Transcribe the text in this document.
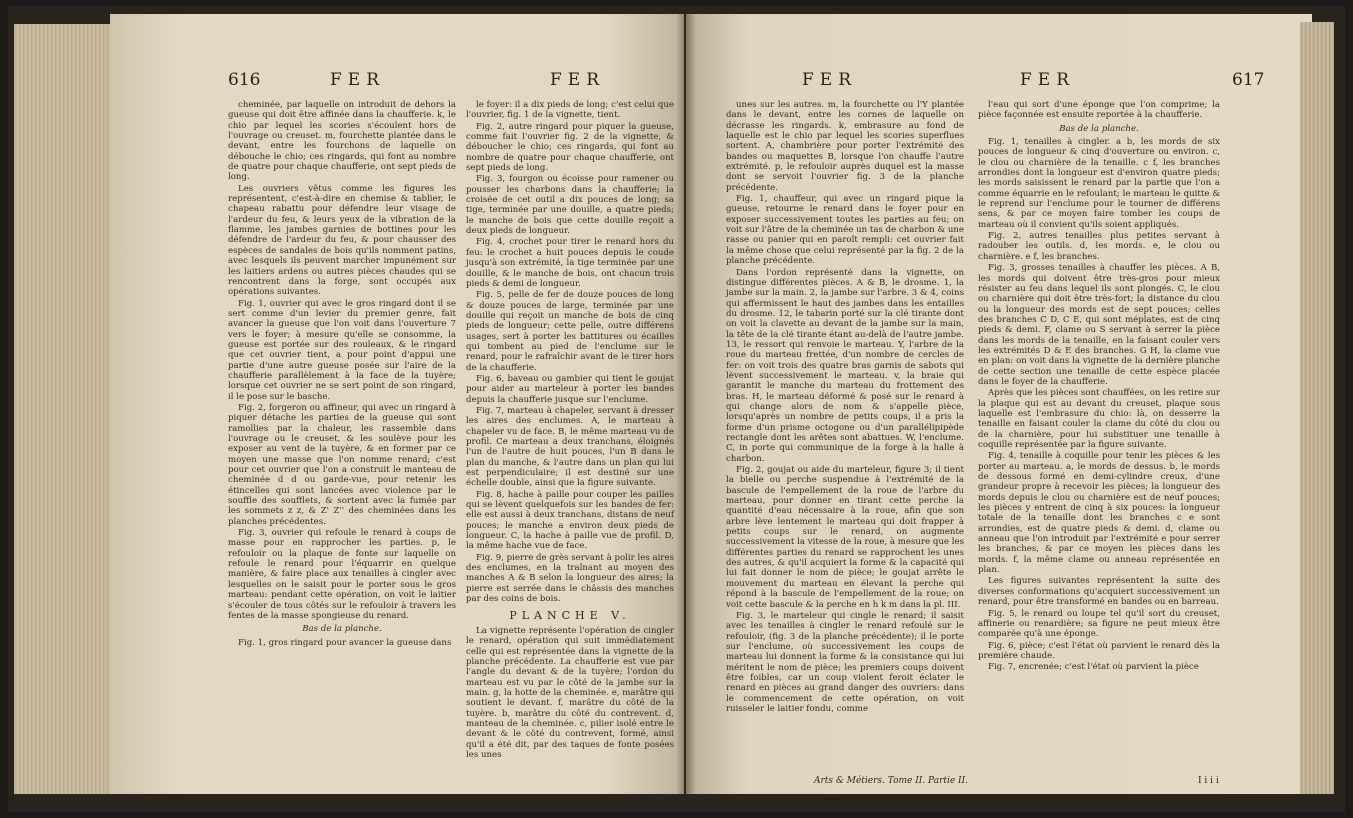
616	FER	FER

cheminée, par laquelle on introduit de dehors la gueuse qui doit être affinée dans la chaufferie. k, le chio par lequel les scories s'écoulent hors de l'ouvrage ou creuset. m, fourchette plantée dans le devant, entre les fourchons de laquelle on débouche le chio; ces ringards, qui font au nombre de quatre pour chaque chaufferie, ont sept pieds de long.

Les ouvriers vêtus comme les figures les représentent, c'est-à-dire en chemise & tablier, le chapeau rabattu pour défendre leur visage de l'ardeur du feu, & leurs yeux de la vibration de la flamme, les jambes garnies de bottines pour les défendre de l'ardeur du feu, & pour chausser des espèces de sandales de bois qu'ils nomment patins, avec lesquels ils peuvent marcher impunément sur les laitiers ardens ou autres pièces chaudes qui se rencontrent dans la forge, sont occupés aux opérations suivantes.

Fig. 1, ouvrier qui avec le gros ringard dont il se sert comme d'un levier du premier genre, fait avancer la gueuse que l'on voit dans l'ouverture 7 vers le foyer; à mesure qu'elle se consomme, la gueuse est portée sur des rouleaux, & le ringard que cet ouvrier tient, a pour point d'appui une partie d'une autre gueuse posée sur l'aire de la chaufferie parallèlement à la face de la tuyère; lorsque cet ouvrier ne se sert point de son ringard, il le pose sur le basche.

Fig. 2, forgeron ou affineur, qui avec un ringard à piquer détache les parties de la gueuse qui sont ramollies par la chaleur, les rassemble dans l'ouvrage ou le creuset, & les soulève pour les exposer au vent de la tuyère, & en former par ce moyen une masse que l'on nomme renard; c'est pour cet ouvrier que l'on a construit le manteau de cheminée d d ou garde-vue, pour retenir les étincelles qui sont lancées avec violence par le souffle des soufflets, & sortent avec la fumée par les sommets z z, & Z' Z'' des cheminées dans les planches précédentes.

Fig. 3, ouvrier qui refoule le renard à coups de masse pour en rapprocher les parties. p, le refouloir ou la plaque de fonte sur laquelle on refoule le renard pour l'équarrir en quelque manière, & faire place aux tenailles à cingler avec lesquelles on le saisit pour le porter sous le gros marteau: pendant cette opération, on voit le laitier s'écouler de tous côtés sur le refouloir à travers les fentes de la masse spongieuse du renard.

Bas de la planche.

Fig. 1, gros ringard pour avancer la gueuse dans

le foyer: il a dix pieds de long; c'est celui que l'ouvrier, fig. 1 de la vignette, tient.

Fig. 2, autre ringard pour piquer la gueuse, comme fait l'ouvrier fig. 2 de la vignette, & déboucher le chio; ces ringards, qui font au nombre de quatre pour chaque chaufferie, ont sept pieds de long.

Fig. 3, fourgon ou écoisse pour ramener ou pousser les charbons dans la chaufferie; la croisée de cet outil a dix pouces de long; sa tige, terminée par une douille, a quatre pieds; le manche de bois que cette douille reçoit a deux pieds de longueur.

Fig. 4, crochet pour tirer le renard hors du feu: le crochet a huit pouces depuis le coude jusqu'à son extrémité, la tige terminée par une douille, & le manche de bois, ont chacun trois pieds & demi de longueur.

Fig. 5, pelle de fer de douze pouces de long & douze pouces de large, terminée par une douille qui reçoit un manche de bois de cinq pieds de longueur; cette pelle, outre différens usages, sert à porter les battitures ou écailles qui tombent au pied de l'enclume sur le renard, pour le rafraîchir avant de le tirer hors de la chaufferie.

Fig. 6, baveau ou gambier qui tient le goujat pour aider au marteleur à porter les bandes depuis la chaufferie jusque sur l'enclume.

Fig. 7, marteau à chapeler, servant à dresser les aires des enclumes. A, le marteau à chapeler vu de face. B, le même marteau vu de profil. Ce marteau a deux tranchans, éloignés l'un de l'autre de huit pouces, l'un B dans le plan du manche, & l'autre dans un plan qui lui est perpendiculaire; il est destiné sur une échelle double, ainsi que la figure suivante.

Fig. 8, hache à paille pour couper les pailles qui se lèvent quelquefois sur les bandes de fer: elle est aussi à deux tranchans, distans de neuf pouces; le manche a environ deux pieds de longueur. C, la hache à paille vue de profil. D, la même hache vue de face.

Fig. 9, pierre de grès servant à polir les aires des enclumes, en la traînant au moyen des manches A & B selon la longueur des aires; la pierre est serrée dans le châssis des manches par des coins de bois.

PLANCHE V.

La vignette représente l'opération de cingler le renard, opération qui suit immédiatement celle qui est représentée dans la vignette de la planche précédente. La chaufferie est vue par l'angle du devant & de la tuyère; l'ordon du marteau est vu par le côté de la jambe sur la main. g, la hotte de la cheminée. e, marâtre qui soutient le devant. f, marâtre du côté de la tuyère. b, marâtre du côté du contrevent. d, manteau de la cheminée. c, pilier isolé entre le devant & le côté du contrevent, formé, ainsi qu'il a été dit, par des taques de fonte posées les unes

FER	FER	617

unes sur les autres. m, la fourchette ou l'Y plantée dans le devant, entre les cornes de laquelle on décrasse les ringards. k, embrasure au fond de laquelle est le chio par lequel les scories superflues sortent. A, chambrière pour porter l'extrémité des bandes ou maquettes B, lorsque l'on chauffe l'autre extrémité. p, le refouloir auprès duquel est la masse dont se servoit l'ouvrier fig. 3 de la planche précédente.

Fig. 1, chauffeur, qui avec un ringard pique la gueuse, retourne le renard dans le foyer pour en exposer successivement toutes les parties au feu; on voit sur l'âtre de la cheminée un tas de charbon & une rasse ou panier qui en paroît rempli: cet ouvrier fait la même chose que celui représenté par la fig. 2 de la planche précédente.

Dans l'ordon représenté dans la vignette, on distingue différentes pièces. A & B, le drosme. 1, la jambe sur la main. 2, la jambe sur l'arbre. 3 & 4, coins qui affermissent le haut des jambes dans les entailles du drosme. 12, le tabarin porté sur la clé tirante dont on voit la clavette au devant de la jambe sur la main, la tête de la clé tirante étant au-delà de l'autre jambe. 13, le ressort qui renvoie le marteau. Y, l'arbre de la roue du marteau frettée, d'un nombre de cercles de fer: on voit trois des quatre bras garnis de sabots qui lèvent successivement le marteau. v, la braie qui garantit le manche du marteau du frottement des bras. H, le marteau déformé & posé sur le renard à qui change alors de nom & s'appelle pièce, lorsqu'après un nombre de petits coups, il a pris la forme d'un prisme octogone ou d'un parallélipipède rectangle dont les arêtes sont abattues. W, l'enclume. C, in porte qui communique de la forge à la halle à charbon.

Fig. 2, goujat ou aide du marteleur, figure 3; il tient la bielle ou perche suspendue à l'extrémité de la bascule de l'empellement de la roue de l'arbre du marteau, pour donner en tirant cette perche la quantité d'eau nécessaire à la roue, afin que son arbre lève lentement le marteau qui doit frapper à petits coups sur le renard, on augmente successivement la vitesse de la roue, à mesure que les différentes parties du renard se rapprochent les unes des autres, & qu'il acquiert la forme & la capacité qui lui fait donner le nom de pièce; le goujat arrête le mouvement du marteau en élevant la perche qui répond à la bascule de l'empellement de la roue; on voit cette bascule & la perche en h k m dans la pl. III.

Fig. 3, le marteleur qui cingle le renard; il saisit avec les tenailles à cingler le renard refoulé sur le refouloir, (fig. 3 de la planche précédente); il le porte sur l'enclume, où successivement les coups de marteau lui donnent la forme & la consistance qui lui méritent le nom de pièce; les premiers coups doivent être foibles, car un coup violent feroit éclater le renard en pièces au grand danger des ouvriers: dans le commencement de cette opération, on voit ruisseler le laitier fondu, comme

Arts & Métiers. Tome II. Partie II.

l'eau qui sort d'une éponge que l'on comprime; la pièce façonnée est ensuite reportée à la chaufferie.

Bas de la planche.

Fig. 1, tenailles à cingler. a b, les mords de six pouces de longueur & cinq d'ouverture ou environ. c, le clou ou charnière de la tenaille. c f, les branches arrondies dont la longueur est d'environ quatre pieds; les mords saisissent le renard par la partie que l'on a comme équarrie en le refoulant; le marteau le quitte & le reprend sur l'enclume pour le tourner de différens sens, & par ce moyen faire tomber les coups de marteau où il convient qu'ils soient appliqués.

Fig. 2, autres tenailles plus petites servant à radouber les outils. d, les mords. e, le clou ou charnière. e f, les branches.

Fig. 3, grosses tenailles à chauffer les pièces. A B, les mords qui doivent être très-gros pour mieux résister au feu dans lequel ils sont plongés. C, le clou ou charnière qui doit être très-fort; la distance du clou ou la longueur des mords est de sept pouces; celles des branches C D, C E, qui sont méplates, est de cinq pieds & demi. F, clame ou S servant à serrer la pièce dans les mords de la tenaille, en la faisant couler vers les extrémités D & E des branches. G H, la clame vue en plan: on voit dans la vignette de la dernière planche de cette section une tenaille de cette espèce placée dans le foyer de la chaufferie.

Après que les pièces sont chauffées, on les retire sur la plaque qui est au devant du creuset, plaque sous laquelle est l'embrasure du chio: là, on desserre la tenaille en faisant couler la clame du côté du clou ou de la charnière, pour lui substituer une tenaille à coquille représentée par la figure suivante.

Fig. 4, tenaille à coquille pour tenir les pièces & les porter au marteau. a, le mords de dessus. b, le mords de dessous formé en demi-cylindre creux, d'une grandeur propre à recevoir les pièces; la longueur des mords depuis le clou ou charnière est de neuf pouces; les pièces y entrent de cinq à six pouces: la longueur totale de la tenaille dont les branches c e sont arrondies, est de quatre pieds & demi. d, clame ou anneau que l'on introduit par l'extrémité e pour serrer les branches, & par ce moyen les pièces dans les mords. f, la même clame ou anneau représentée en plan.

Les figures suivantes représentent la suite des diverses conformations qu'acquiert successivement un renard, pour être transformé en bandes ou en barreau.

Fig. 5, le renard ou loupe tel qu'il sort du creuset, affinerie ou renardière; sa figure ne peut mieux être comparée qu'à une éponge.

Fig. 6, pièce; c'est l'état où parvient le renard dès la première chaude.

Fig. 7, encrenée; c'est l'état où parvient la pièce

I i i i
